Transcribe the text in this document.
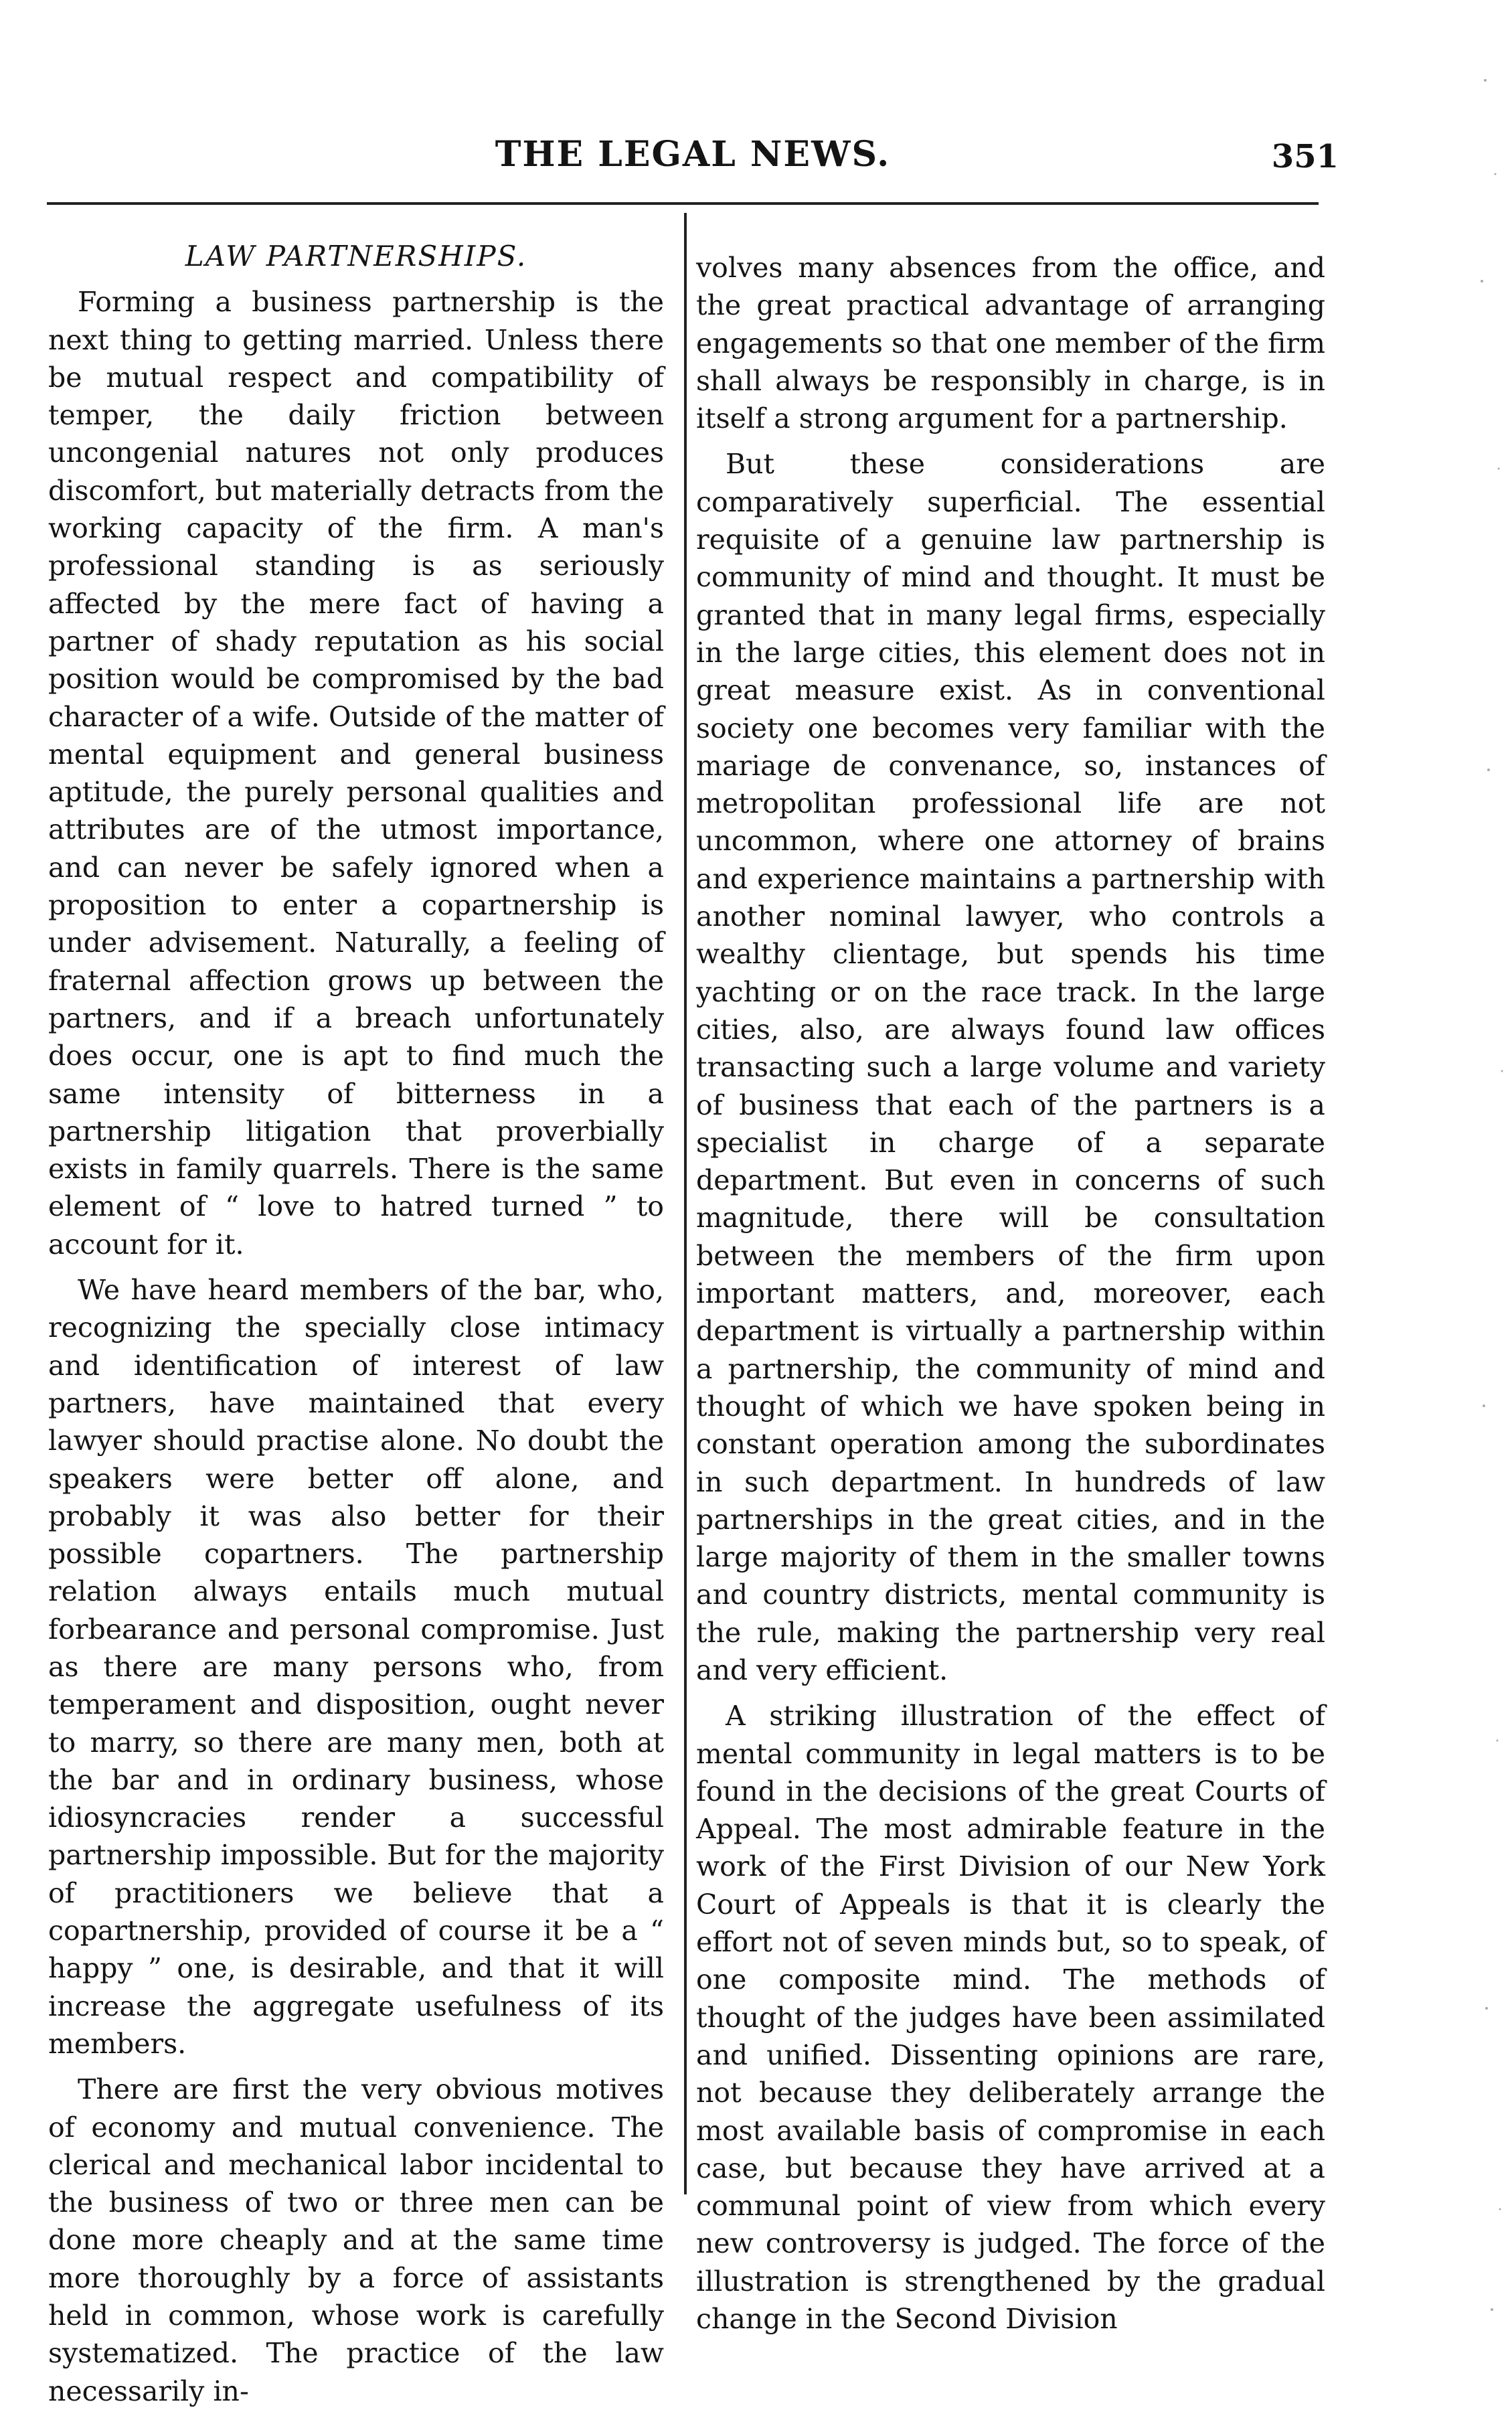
THE LEGAL NEWS.	351
LAW PARTNERSHIPS.

Forming a business partnership is the next thing to getting married. Unless there be mutual respect and compatibility of temper, the daily friction between uncongenial natures not only produces discomfort, but materially detracts from the working capacity of the firm. A man's professional standing is as seriously affected by the mere fact of having a partner of shady reputation as his social position would be compromised by the bad character of a wife. Outside of the matter of mental equipment and general business aptitude, the purely personal qualities and attributes are of the utmost importance, and can never be safely ignored when a proposition to enter a copartnership is under advisement. Naturally, a feeling of fraternal affection grows up between the partners, and if a breach unfortunately does occur, one is apt to find much the same intensity of bitterness in a partnership litigation that proverbially exists in family quarrels. There is the same element of “ love to hatred turned ” to account for it.

We have heard members of the bar, who, recognizing the specially close intimacy and identification of interest of law partners, have maintained that every lawyer should practise alone. No doubt the speakers were better off alone, and probably it was also better for their possible copartners. The partnership relation always entails much mutual forbearance and personal compromise. Just as there are many persons who, from temperament and disposition, ought never to marry, so there are many men, both at the bar and in ordinary business, whose idiosyncracies render a successful partnership impossible. But for the majority of practitioners we believe that a copartnership, provided of course it be a “ happy ” one, is desirable, and that it will increase the aggregate usefulness of its members.

There are first the very obvious motives of economy and mutual convenience. The clerical and mechanical labor incidental to the business of two or three men can be done more cheaply and at the same time more thoroughly by a force of assistants held in common, whose work is carefully systematized. The practice of the law necessarily in-

volves many absences from the office, and the great practical advantage of arranging engagements so that one member of the firm shall always be responsibly in charge, is in itself a strong argument for a partnership.

But these considerations are comparatively superficial. The essential requisite of a genuine law partnership is community of mind and thought. It must be granted that in many legal firms, especially in the large cities, this element does not in great measure exist. As in conventional society one becomes very familiar with the mariage de convenance, so, instances of metropolitan professional life are not uncommon, where one attorney of brains and experience maintains a partnership with another nominal lawyer, who controls a wealthy clientage, but spends his time yachting or on the race track. In the large cities, also, are always found law offices transacting such a large volume and variety of business that each of the partners is a specialist in charge of a separate department. But even in concerns of such magnitude, there will be consultation between the members of the firm upon important matters, and, moreover, each department is virtually a partnership within a partnership, the community of mind and thought of which we have spoken being in constant operation among the subordinates in such department. In hundreds of law partnerships in the great cities, and in the large majority of them in the smaller towns and country districts, mental community is the rule, making the partnership very real and very efficient.

A striking illustration of the effect of mental community in legal matters is to be found in the decisions of the great Courts of Appeal. The most admirable feature in the work of the First Division of our New York Court of Appeals is that it is clearly the effort not of seven minds but, so to speak, of one composite mind. The methods of thought of the judges have been assimilated and unified. Dissenting opinions are rare, not because they deliberately arrange the most available basis of compromise in each case, but because they have arrived at a communal point of view from which every new controversy is judged. The force of the illustration is strengthened by the gradual change in the Second Division
